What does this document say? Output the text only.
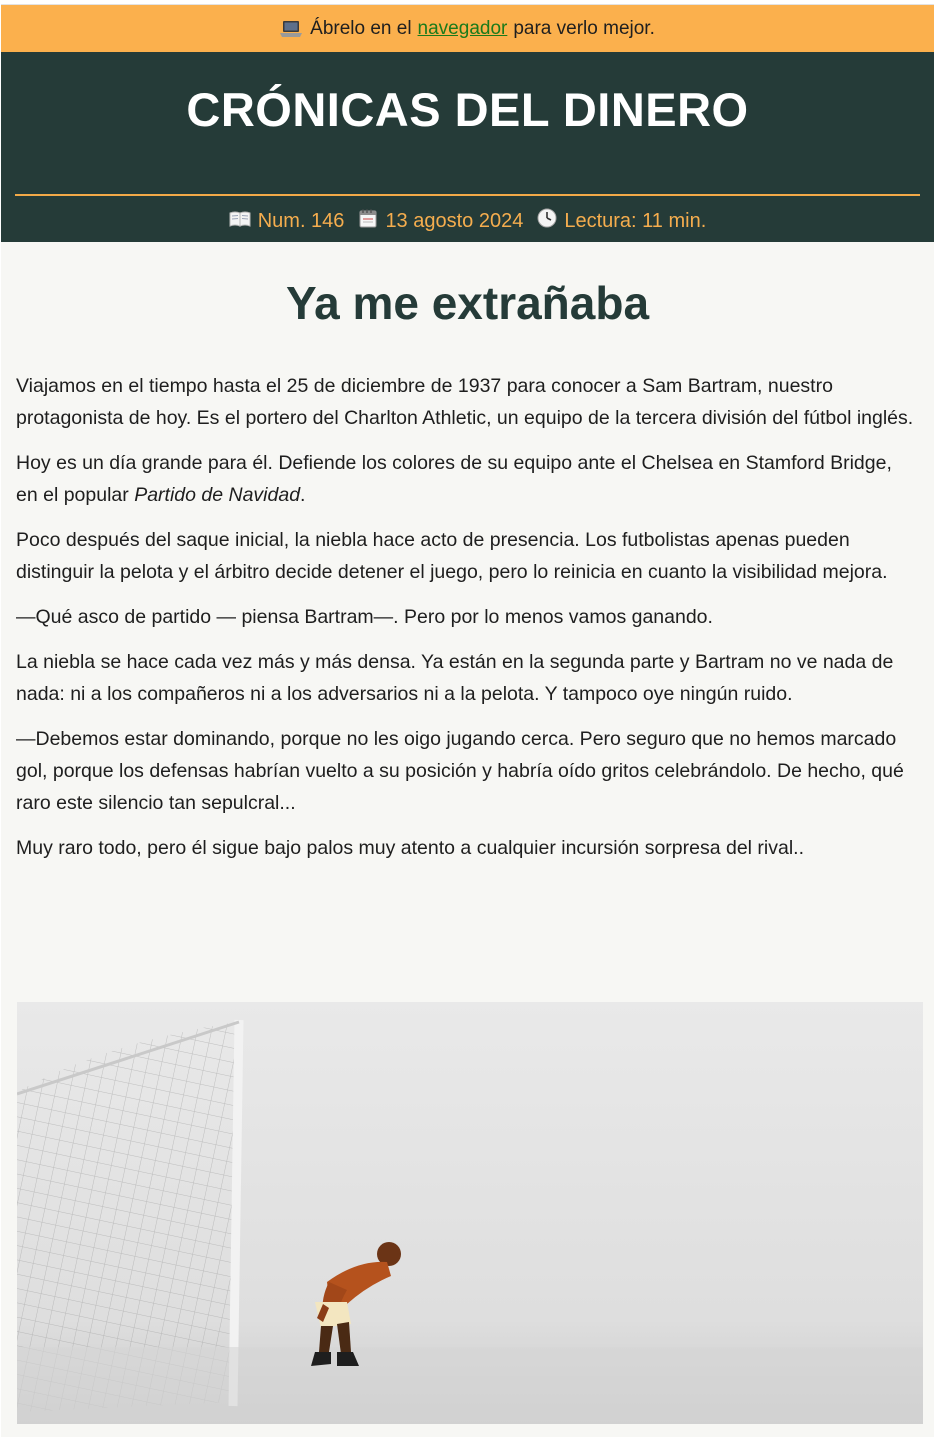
Ábrelo en el navegador para verlo mejor.
CRÓNICAS DEL DINERO
Num. 146 13 agosto 2024 Lectura: 11 min.
Ya me extrañaba

Viajamos en el tiempo hasta el 25 de diciembre de 1937 para conocer a Sam Bartram, nuestro protagonista de hoy. Es el portero del Charlton Athletic, un equipo de la tercera división del fútbol inglés.

Hoy es un día grande para él. Defiende los colores de su equipo ante el Chelsea en Stamford Bridge, en el popular Partido de Navidad.

Poco después del saque inicial, la niebla hace acto de presencia. Los futbolistas apenas pueden distinguir la pelota y el árbitro decide detener el juego, pero lo reinicia en cuanto la visibilidad mejora.

—Qué asco de partido — piensa Bartram—. Pero por lo menos vamos ganando.

La niebla se hace cada vez más y más densa. Ya están en la segunda parte y Bartram no ve nada de nada: ni a los compañeros ni a los adversarios ni a la pelota. Y tampoco oye ningún ruido.

—Debemos estar dominando, porque no les oigo jugando cerca. Pero seguro que no hemos marcado gol, porque los defensas habrían vuelto a su posición y habría oído gritos celebrándolo. De hecho, qué raro este silencio tan sepulcral...

Muy raro todo, pero él sigue bajo palos muy atento a cualquier incursión sorpresa del rival..
